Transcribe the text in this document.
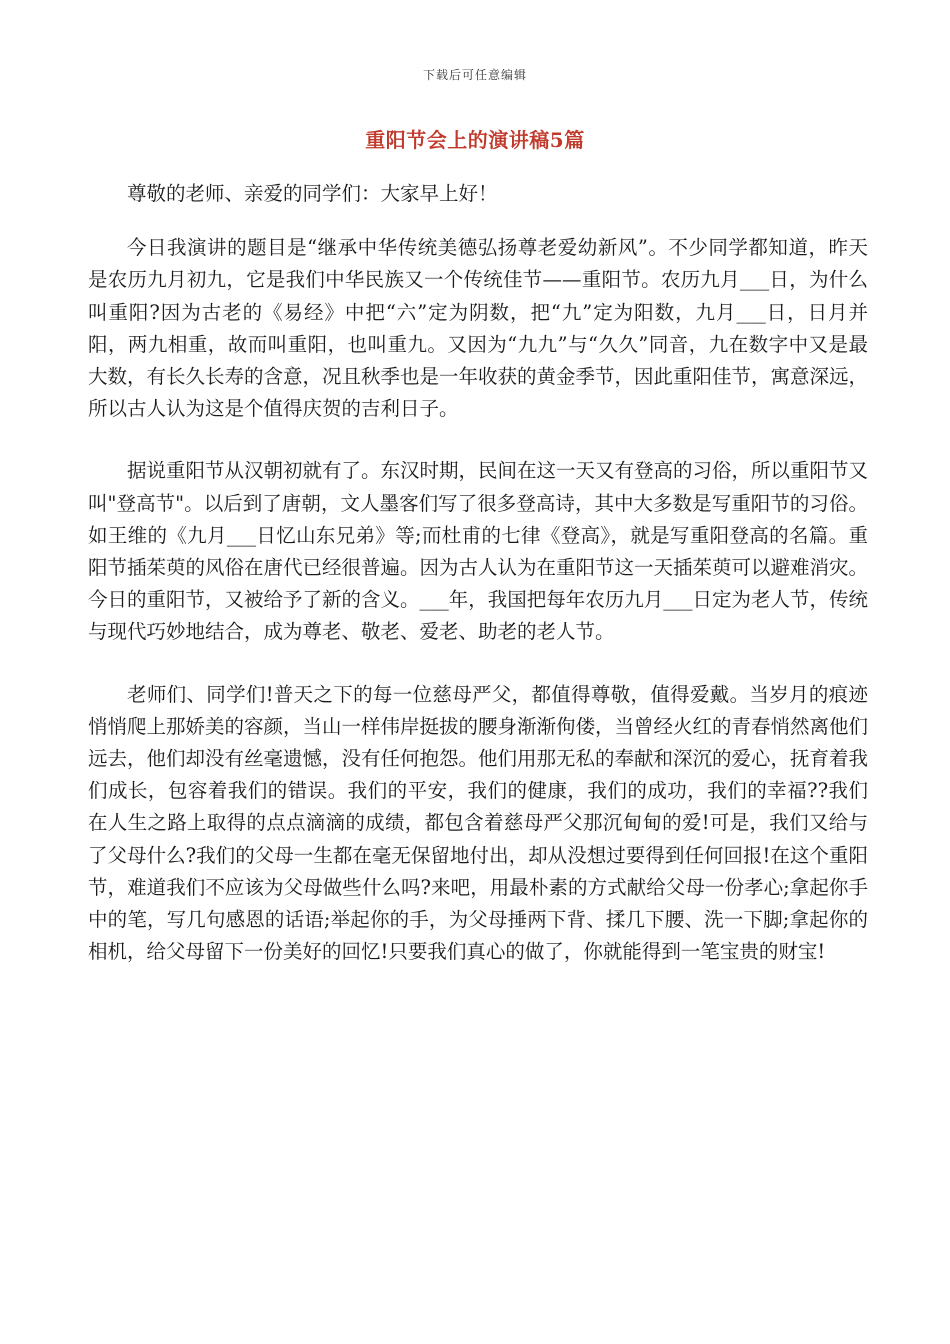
下载后可任意编辑
重阳节会上的演讲稿5篇

尊敬的老师、亲爱的同学们：大家早上好！

今日我演讲的题目是“继承中华传统美德弘扬尊老爱幼新风”。不少同学都知道，昨天是农历九月初九，它是我们中华民族又一个传统佳节——重阳节。农历九月___日，为什么叫重阳?因为古老的《易经》中把“六”定为阴数，把“九”定为阳数，九月___日，日月并阳，两九相重，故而叫重阳，也叫重九。又因为“九九”与“久久”同音，九在数字中又是最大数，有长久长寿的含意，况且秋季也是一年收获的黄金季节，因此重阳佳节，寓意深远，所以古人认为这是个值得庆贺的吉利日子。

据说重阳节从汉朝初就有了。东汉时期，民间在这一天又有登高的习俗，所以重阳节又叫"登高节"。以后到了唐朝，文人墨客们写了很多登高诗，其中大多数是写重阳节的习俗。如王维的《九月___日忆山东兄弟》等;而杜甫的七律《登高》，就是写重阳登高的名篇。重阳节插茱萸的风俗在唐代已经很普遍。因为古人认为在重阳节这一天插茱萸可以避难消灾。今日的重阳节，又被给予了新的含义。___年，我国把每年农历九月___日定为老人节，传统与现代巧妙地结合，成为尊老、敬老、爱老、助老的老人节。

老师们、同学们!普天之下的每一位慈母严父，都值得尊敬，值得爱戴。当岁月的痕迹悄悄爬上那娇美的容颜，当山一样伟岸挺拔的腰身渐渐佝偻，当曾经火红的青春悄然离他们远去，他们却没有丝毫遗憾，没有任何抱怨。他们用那无私的奉献和深沉的爱心，抚育着我们成长，包容着我们的错误。我们的平安，我们的健康，我们的成功，我们的幸福??我们在人生之路上取得的点点滴滴的成绩，都包含着慈母严父那沉甸甸的爱!可是，我们又给与了父母什么?我们的父母一生都在毫无保留地付出，却从没想过要得到任何回报!在这个重阳节，难道我们不应该为父母做些什么吗?来吧，用最朴素的方式献给父母一份孝心;拿起你手中的笔，写几句感恩的话语;举起你的手，为父母捶两下背、揉几下腰、洗一下脚;拿起你的相机，给父母留下一份美好的回忆!只要我们真心的做了，你就能得到一笔宝贵的财宝!
